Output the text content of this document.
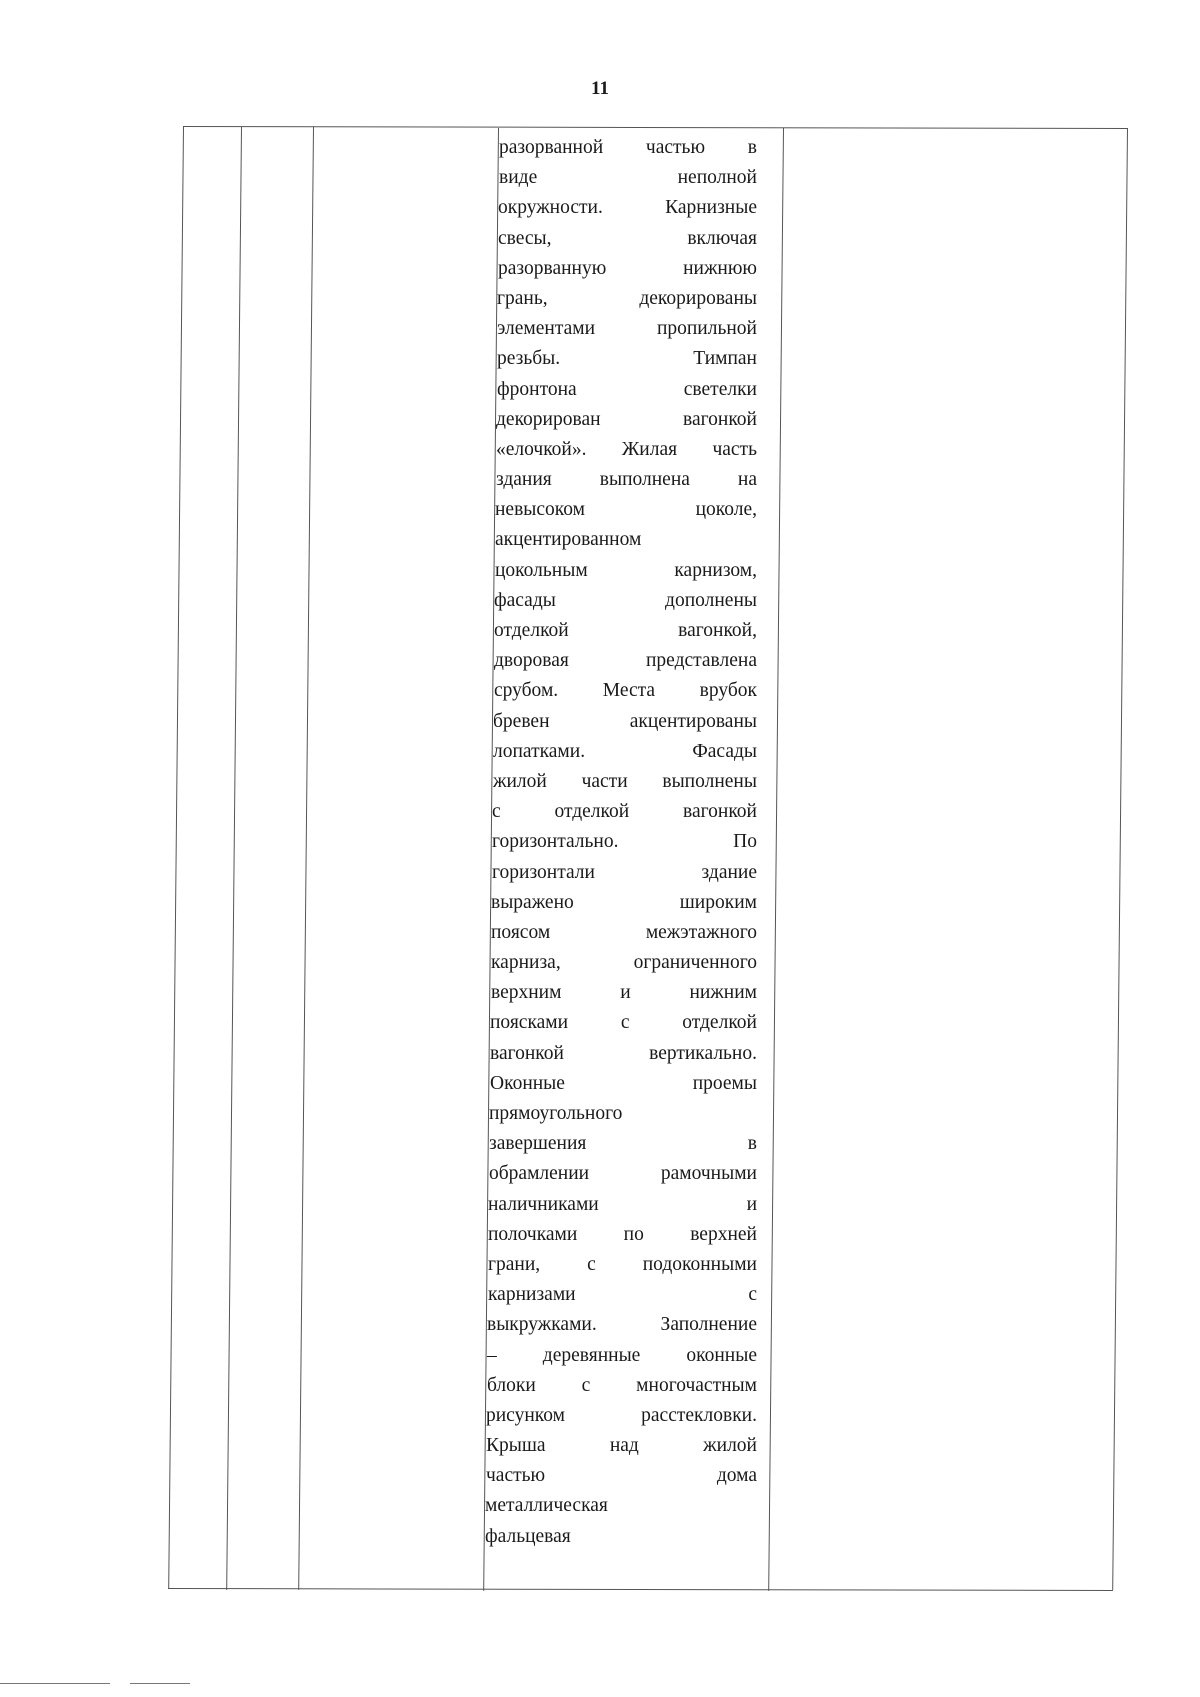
11
разорванной частью в
виде	неполной
окружности.	Карнизные
свесы,	включая
разорванную	нижнюю
грань,	декорированы
элементами	пропильной
резьбы.	Тимпан
фронтона	светелки
декорирован	вагонкой
«елочкой». Жилая часть
здания выполнена на
невысоком	цоколе,
акцентированном
цокольным	карнизом,
фасады	дополнены
отделкой	вагонкой,
дворовая	представлена
срубом. Места врубок
бревен	акцентированы
лопатками.	Фасады
жилой части выполнены
с	отделкой	вагонкой
горизонтально.	По
горизонтали	здание
выражено	широким
поясом	межэтажного
карниза,	ограниченного
верхним	и	нижним
поясками	с	отделкой
вагонкой	вертикально.
Оконные	проемы
прямоугольного
завершения	в
обрамлении	рамочными
наличниками	и
полочками по верхней
грани, с подоконными
карнизами	с
выкружками.	Заполнение
– деревянные оконные
блоки с многочастным
рисунком	расстекловки.
Крыша	над	жилой
частью	дома
металлическая
фальцевая
